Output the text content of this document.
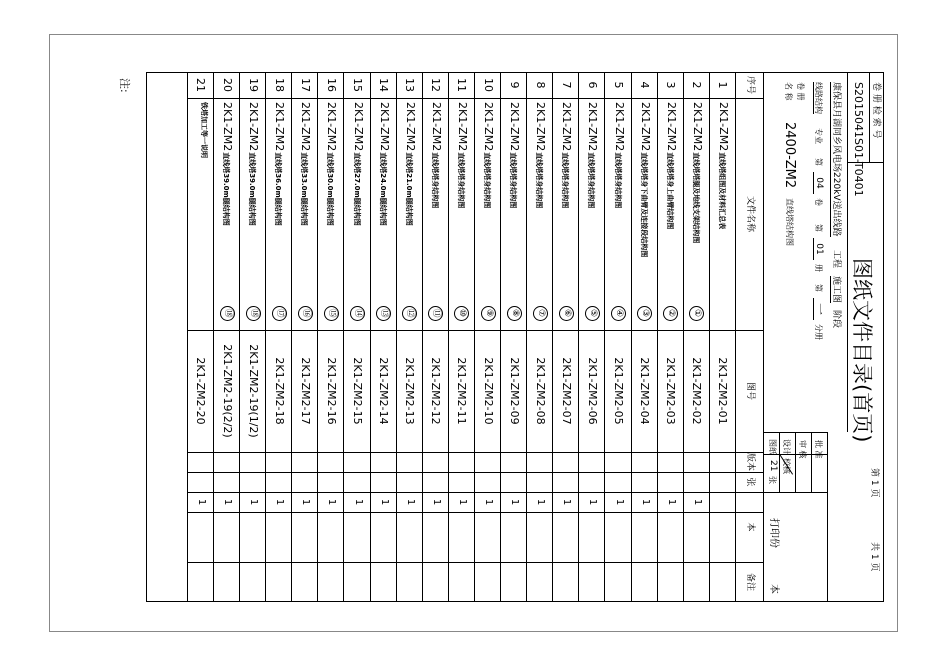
卷 册 检 索 号
S2015041S01-T0401
图纸文件目录(首页)
第 1 页
共 1 页
康保县月湖同乡风电场220kV送出线路
工程
施工图
阶段
线路结构
专业
第
04
卷
第
01
册
第
一
分册
卷 册
名 称
2400-ZM2
直线塔结构图
批 准
审 核
设计
校核
图纸
21
张
打印份
本
序号
文件名称
图号
版本
张
本
备注
1
2K1-ZM2
直线塔组图及材料汇总表
2K1-ZM2-01
2
2K1-ZM2
直线塔塔腿及地线支架结构图
①
2K1-ZM2-02
1
3
2K1-ZM2
直线塔塔身上曲臂结构图
②
2K1-ZM2-03
1
4
2K1-ZM2
直线塔塔身下曲臂及连接段结构图
③
2K1-ZM2-04
1
5
2K1-ZM2
直线塔塔身结构图
④
2K1-ZM2-05
1
6
2K1-ZM2
直线塔塔身结构图
⑤
2K1-ZM2-06
1
7
2K1-ZM2
直线塔塔身结构图
⑥
2K1-ZM2-07
1
8
2K1-ZM2
直线塔塔身结构图
⑦
2K1-ZM2-08
1
9
2K1-ZM2
直线塔塔身结构图
⑧
2K1-ZM2-09
1
10
2K1-ZM2
直线塔塔身结构图
⑨
2K1-ZM2-10
1
11
2K1-ZM2
直线塔塔身结构图
⑩
2K1-ZM2-11
1
12
2K1-ZM2
直线塔塔身结构图
⑪
2K1-ZM2-12
1
13
2K1-ZM2
直线塔21.0m腿结构图
⑫
2K1-ZM2-13
1
14
2K1-ZM2
直线塔24.0m腿结构图
⑬
2K1-ZM2-14
1
15
2K1-ZM2
直线塔27.0m腿结构图
⑭
2K1-ZM2-15
1
16
2K1-ZM2
直线塔30.0m腿结构图
⑮
2K1-ZM2-16
1
17
2K1-ZM2
直线塔33.0m腿结构图
⑯
2K1-ZM2-17
1
18
2K1-ZM2
直线塔36.0m腿结构图
⑰
2K1-ZM2-18
1
19
2K1-ZM2
直线塔39.0m腿结构图
⑱
2K1-ZM2-19(1/2)
1
20
2K1-ZM2
直线塔39.0m腿结构图
⑱
2K1-ZM2-19(2/2)
1
21
铁塔加工等一说明
2K1-ZM2-20
1
注:
